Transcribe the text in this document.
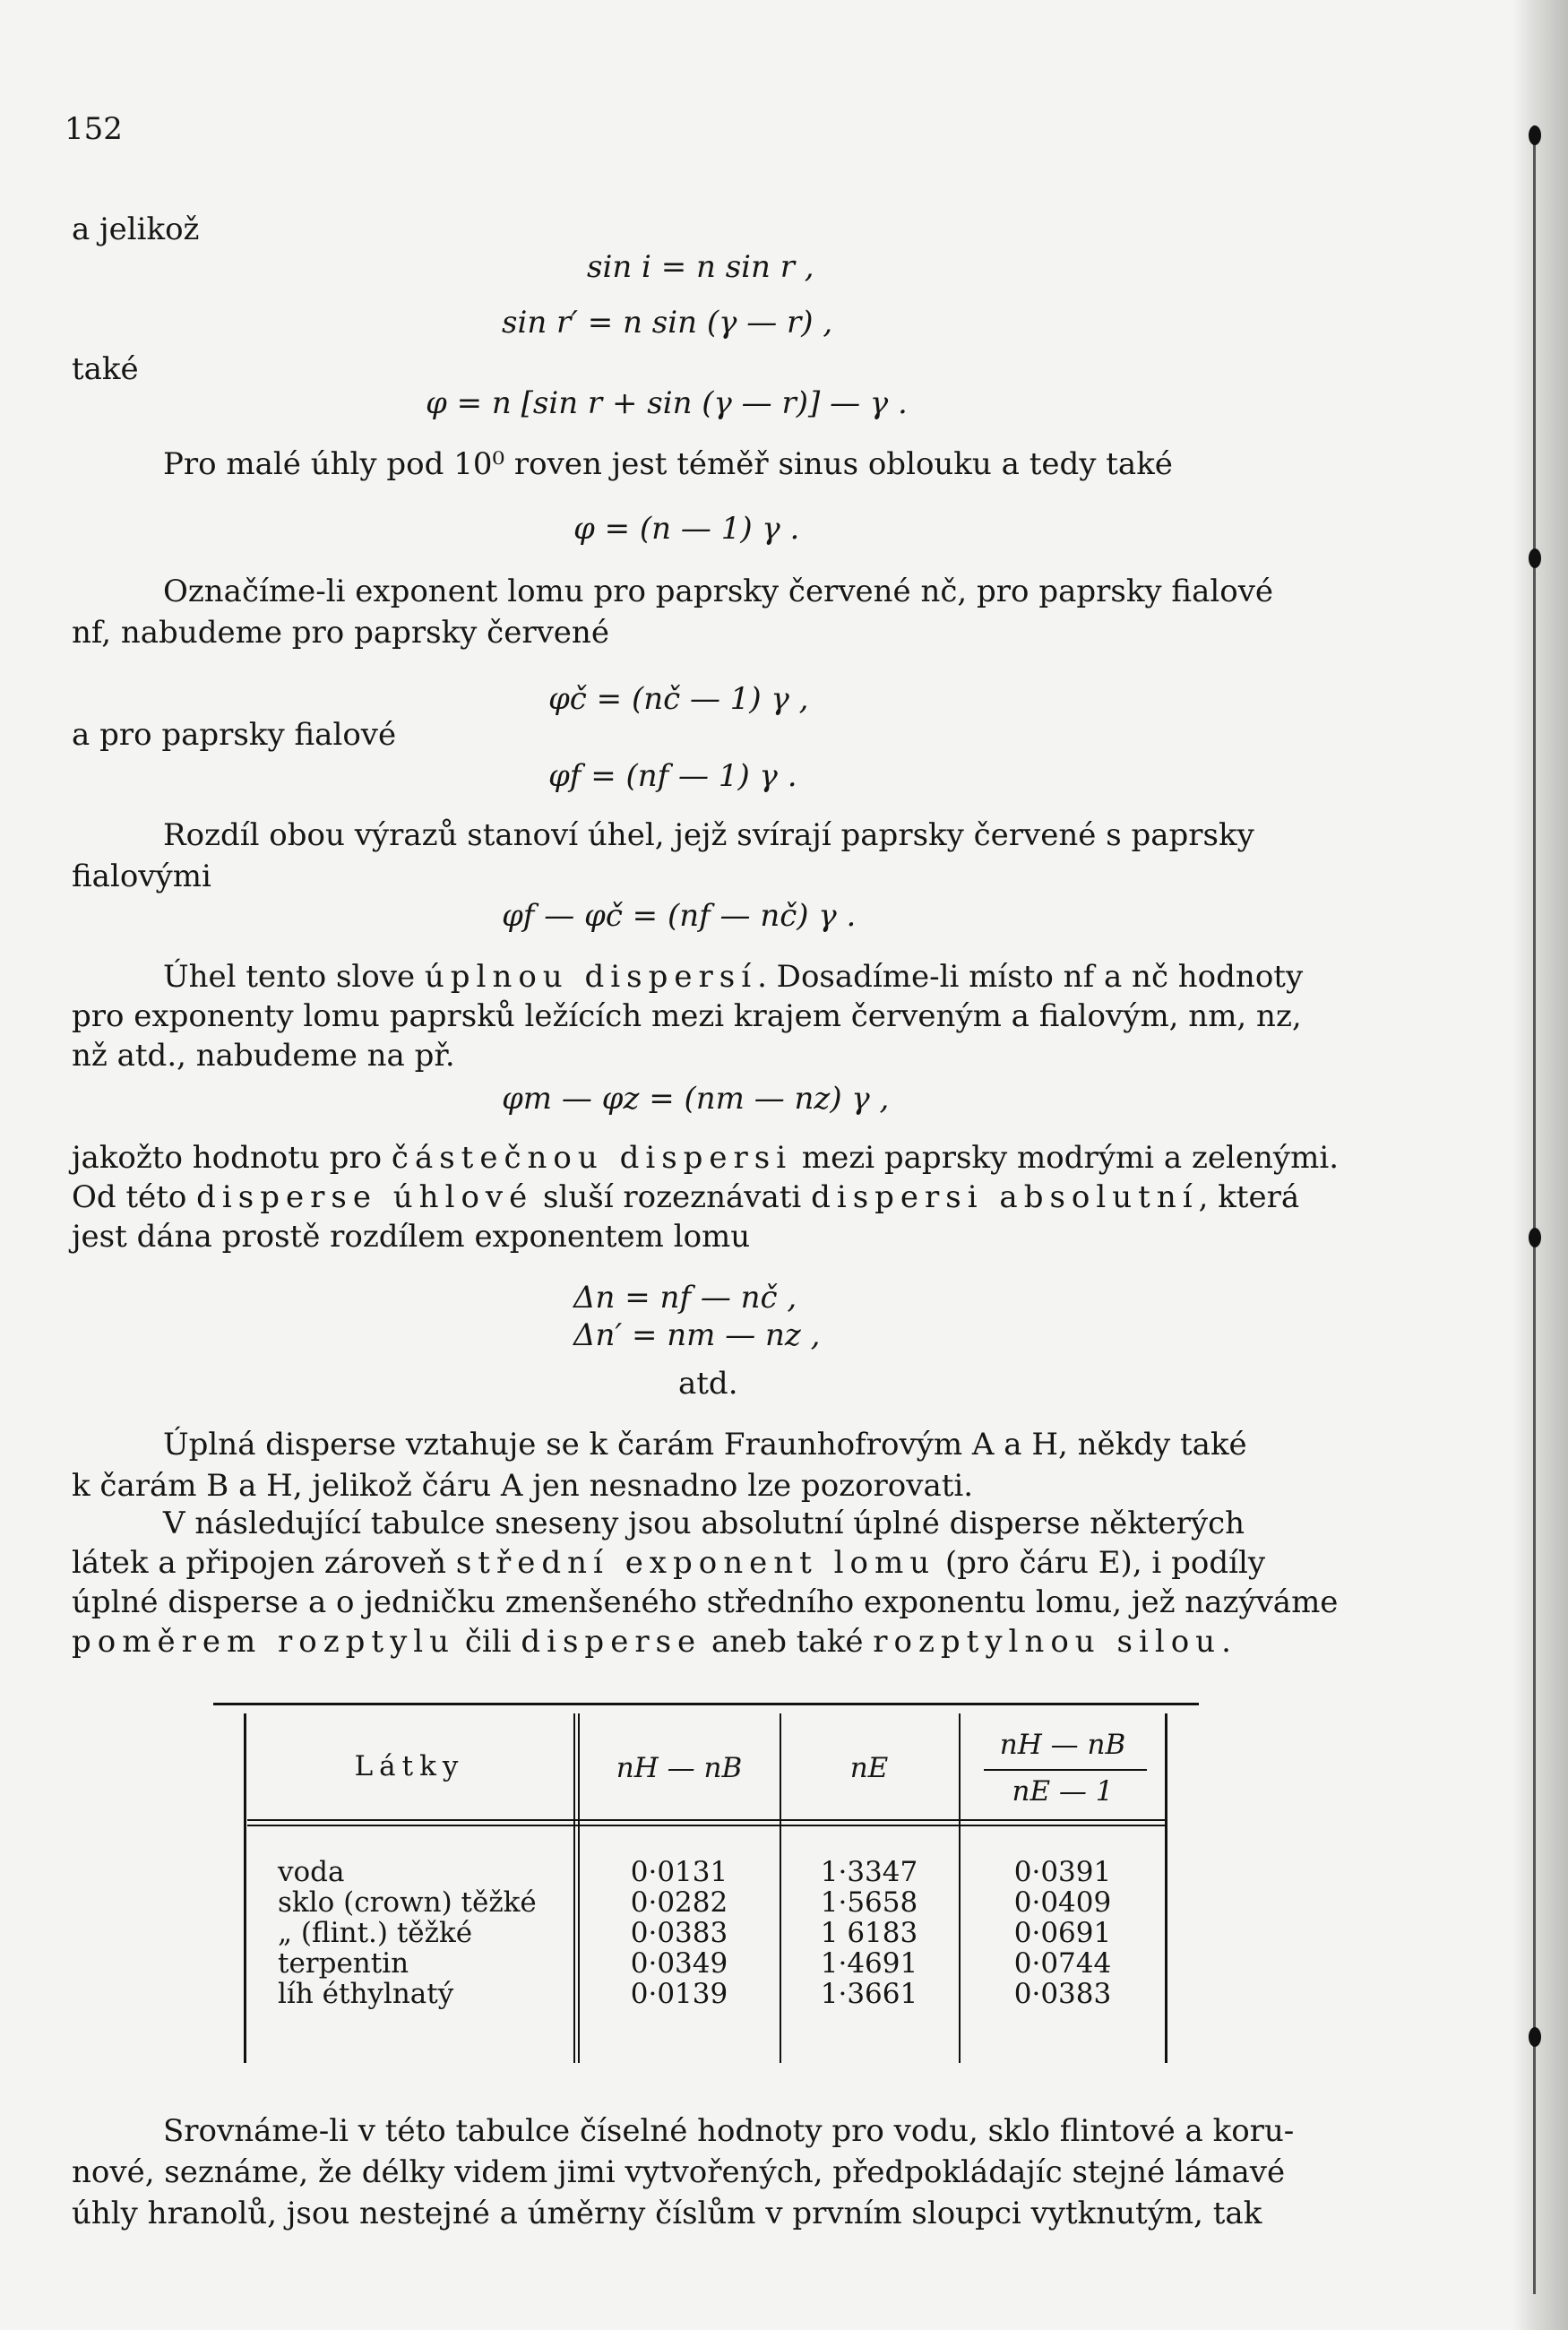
152
a jelikož
sin i = n sin r ,
sin r′ = n sin (γ — r) ,
také
φ = n [sin r + sin (γ — r)] — γ .
Pro malé úhly pod 10⁰ roven jest téměř sinus oblouku a tedy také
φ = (n — 1) γ .
Označíme-li exponent lomu pro paprsky červené nč, pro paprsky fialové
nf, nabudeme pro paprsky červené
φč = (nč — 1) γ ,
a pro paprsky fialové
φf = (nf — 1) γ .
Rozdíl obou výrazů stanoví úhel, jejž svírají paprsky červené s paprsky
fialovými
φf — φč = (nf — nč) γ .
Úhel tento slove úplnou dispersí. Dosadíme-li místo nf a nč hodnoty
pro exponenty lomu paprsků ležících mezi krajem červeným a fialovým, nm, nz,
nž atd., nabudeme na př.
φm — φz = (nm — nz) γ ,
jakožto hodnotu pro částečnou dispersi mezi paprsky modrými a zelenými.
Od této disperse úhlové sluší rozeznávati dispersi absolutní, která
jest dána prostě rozdílem exponentem lomu
Δn = nf — nč ,
Δn′ = nm — nz ,
atd.
Úplná disperse vztahuje se k čarám Fraunhofrovým A a H, někdy také
k čarám B a H, jelikož čáru A jen nesnadno lze pozorovati.
V následující tabulce sneseny jsou absolutní úplné disperse některých
látek a připojen zároveň střední exponent lomu (pro čáru E), i podíly
úplné disperse a o jedničku zmenšeného středního exponentu lomu, jež nazýváme
poměrem rozptylu čili disperse aneb také rozptylnou silou.
Látky	nH — nB	nE
nH — nB
nE — 1
voda	0·0131	1·3347	0·0391
sklo (crown) těžké	0·0282	1·5658	0·0409
„ (flint.) těžké	0·0383	1 6183	0·0691
terpentin	0·0349	1·4691	0·0744
líh éthylnatý	0·0139	1·3661	0·0383
Srovnáme-li v této tabulce číselné hodnoty pro vodu, sklo flintové a koru-
nové, seznáme, že délky videm jimi vytvořených, předpokládajíc stejné lámavé
úhly hranolů, jsou nestejné a úměrny číslům v prvním sloupci vytknutým, tak
